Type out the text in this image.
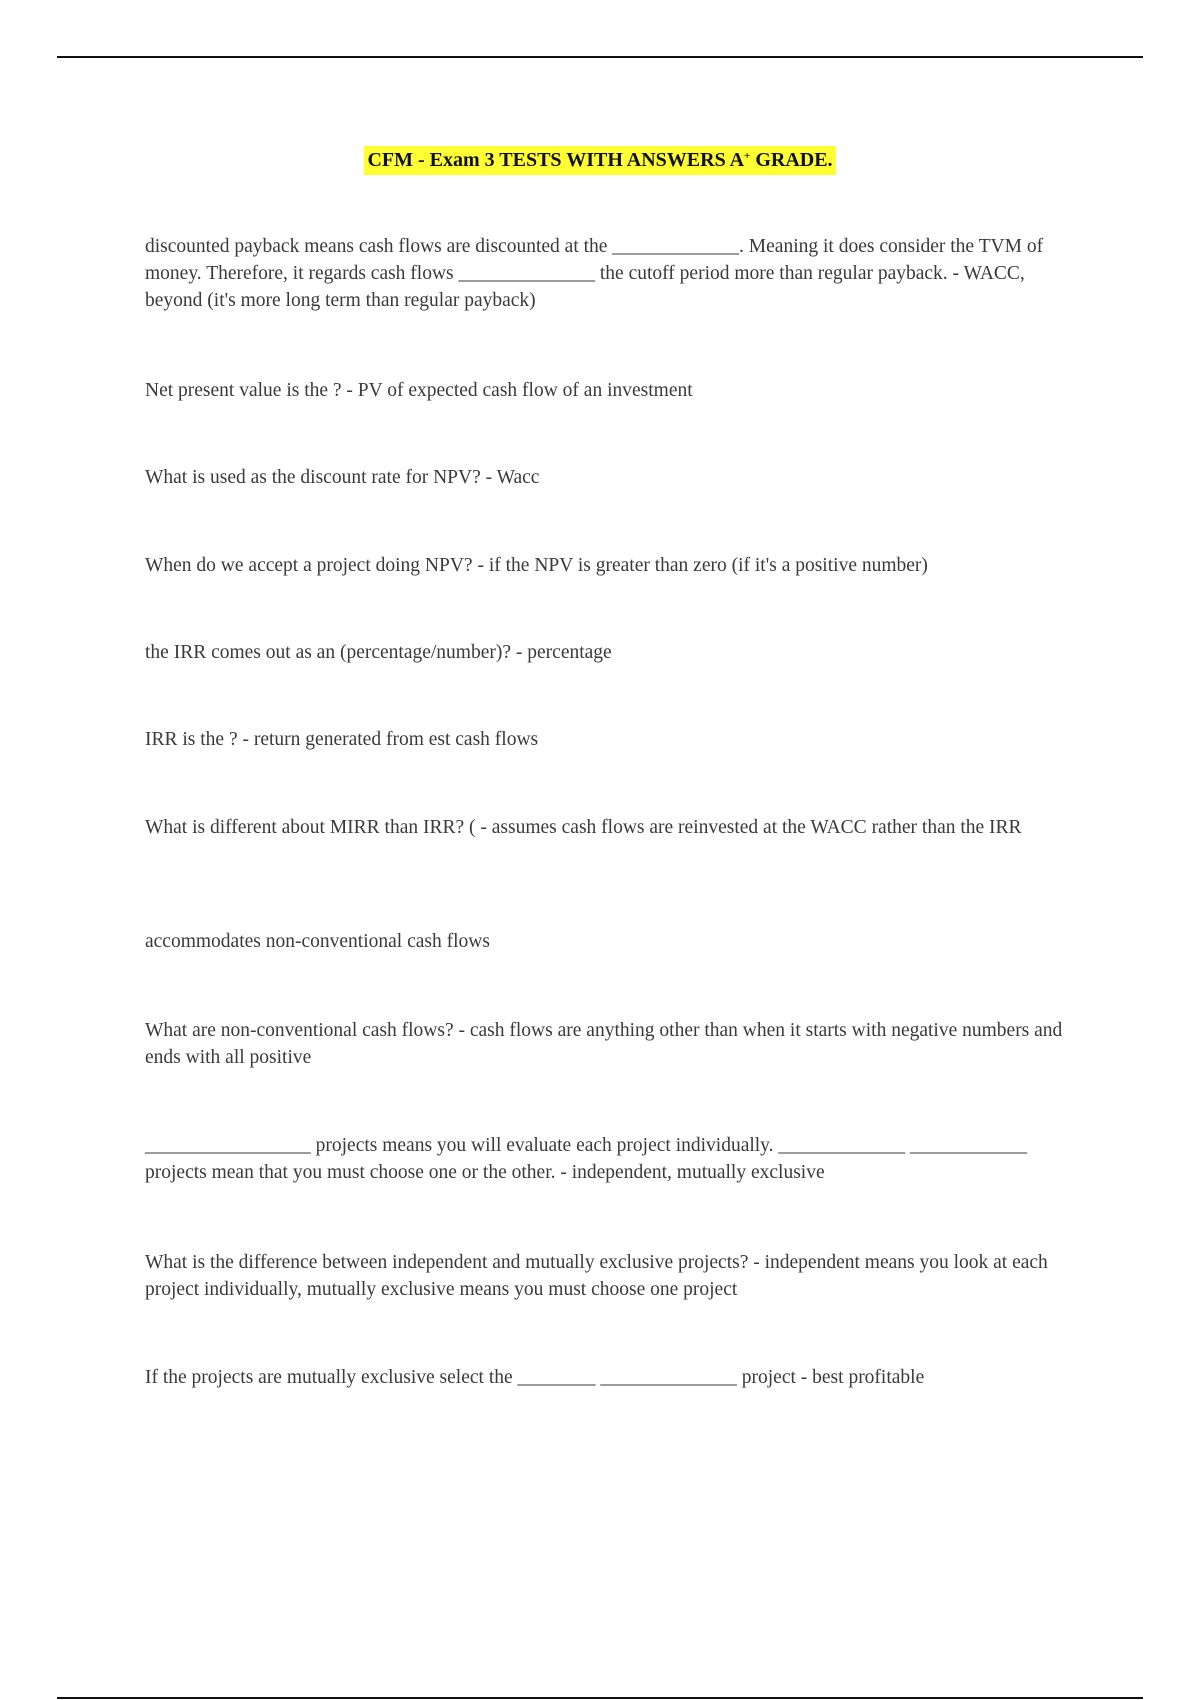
CFM - Exam 3 TESTS WITH ANSWERS A+ GRADE.

discounted payback means cash flows are discounted at the _____________. Meaning it does consider the TVM of money. Therefore, it regards cash flows ______________ the cutoff period more than regular payback. - WACC, beyond (it's more long term than regular payback)

Net present value is the ? - PV of expected cash flow of an investment

What is used as the discount rate for NPV? - Wacc

When do we accept a project doing NPV? - if the NPV is greater than zero (if it's a positive number)

the IRR comes out as an (percentage/number)? - percentage

IRR is the ? - return generated from est cash flows

What is different about MIRR than IRR? ( - assumes cash flows are reinvested at the WACC rather than the IRR

accommodates non-conventional cash flows

What are non-conventional cash flows? - cash flows are anything other than when it starts with negative numbers and ends with all positive

_________________ projects means you will evaluate each project individually. _____________ ____________ projects mean that you must choose one or the other. - independent, mutually exclusive

What is the difference between independent and mutually exclusive projects? - independent means you look at each project individually, mutually exclusive means you must choose one project

If the projects are mutually exclusive select the ________ ______________ project - best profitable
